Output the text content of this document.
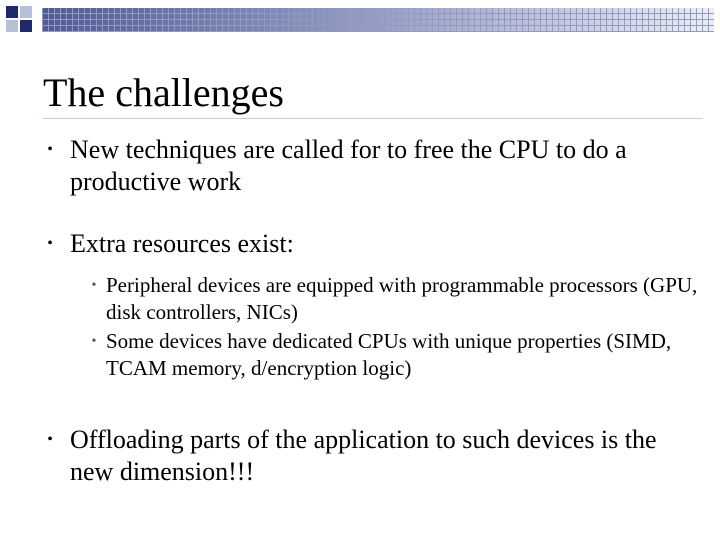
The challenges
• New techniques are called for to free the CPU to do a productive work
• Extra resources exist:
• Peripheral devices are equipped with programmable processors (GPU, disk controllers, NICs)
• Some devices have dedicated CPUs with unique properties (SIMD, TCAM memory, d/encryption logic)
• Offloading parts of the application to such devices is the new dimension!!!
